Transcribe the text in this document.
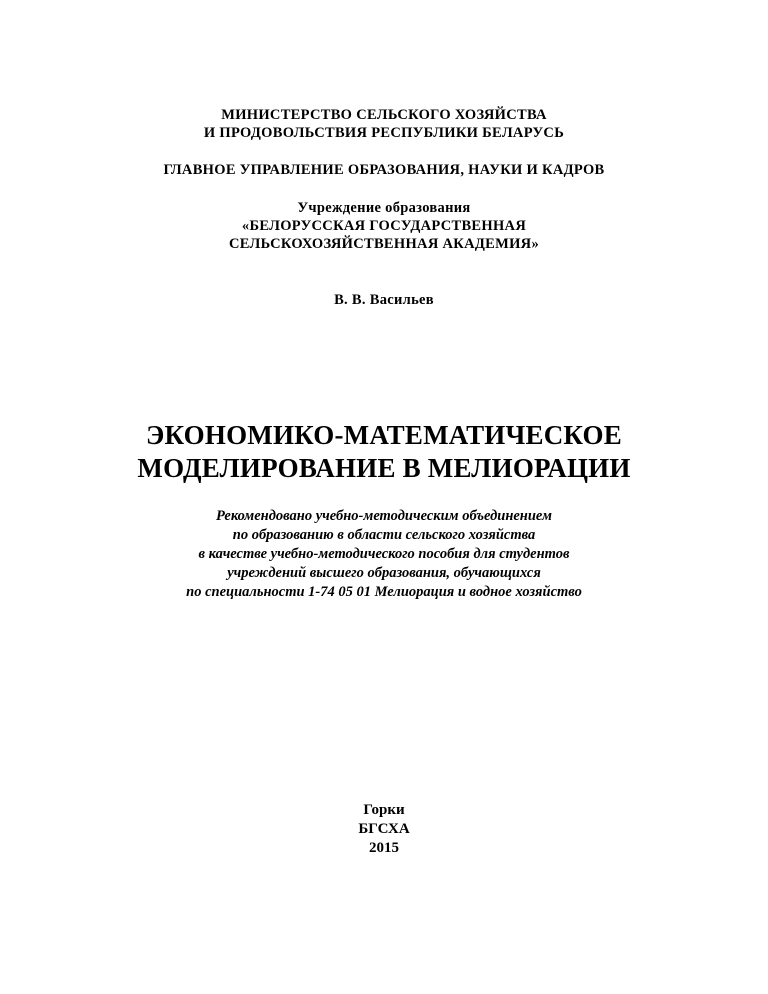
МИНИСТЕРСТВО СЕЛЬСКОГО ХОЗЯЙСТВА
И ПРОДОВОЛЬСТВИЯ РЕСПУБЛИКИ БЕЛАРУСЬ
ГЛАВНОЕ УПРАВЛЕНИЕ ОБРАЗОВАНИЯ, НАУКИ И КАДРОВ
Учреждение образования
«БЕЛОРУССКАЯ ГОСУДАРСТВЕННАЯ
СЕЛЬСКОХОЗЯЙСТВЕННАЯ АКАДЕМИЯ»
В. В. Васильев
ЭКОНОМИКО-МАТЕМАТИЧЕСКОЕ
МОДЕЛИРОВАНИЕ В МЕЛИОРАЦИИ
Рекомендовано учебно-методическим объединением
по образованию в области сельского хозяйства
в качестве учебно-методического пособия для студентов
учреждений высшего образования, обучающихся
по специальности 1-74 05 01 Мелиорация и водное хозяйство
Горки
БГСХА
2015
